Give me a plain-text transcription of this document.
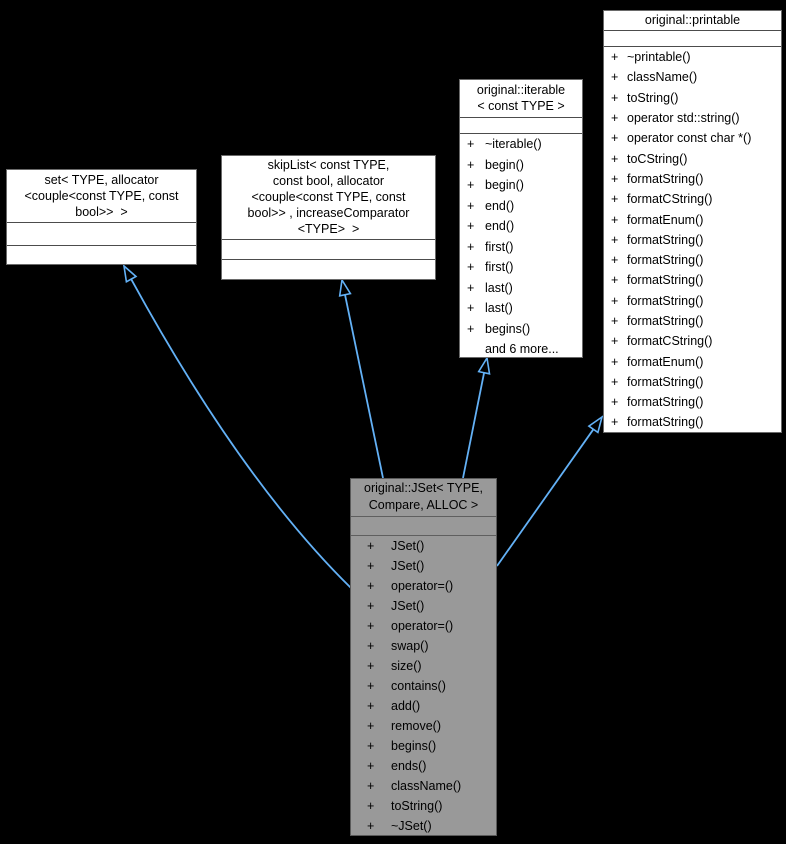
set< TYPE, allocator
<couple<const TYPE, const
bool>>  >
skipList< const TYPE,
const bool, allocator
<couple<const TYPE, const
bool>> , increaseComparator
<TYPE>  >
original::iterable
< const TYPE >
+ ~iterable()
+ begin()
+ begin()
+ end()
+ end()
+ first()
+ first()
+ last()
+ last()
+ begins()
and 6 more...
original::printable
+ ~printable()
+ className()
+ toString()
+ operator std::string()
+ operator const char *()
+ toCString()
+ formatString()
+ formatCString()
+ formatEnum()
+ formatString()
+ formatString()
+ formatString()
+ formatString()
+ formatString()
+ formatCString()
+ formatEnum()
+ formatString()
+ formatString()
+ formatString()
original::JSet< TYPE,
Compare, ALLOC >
+	JSet()
+	JSet()
+	operator=()
+	JSet()
+	operator=()
+	swap()
+	size()
+	contains()
+	add()
+	remove()
+	begins()
+	ends()
+	className()
+	toString()
+	~JSet()
